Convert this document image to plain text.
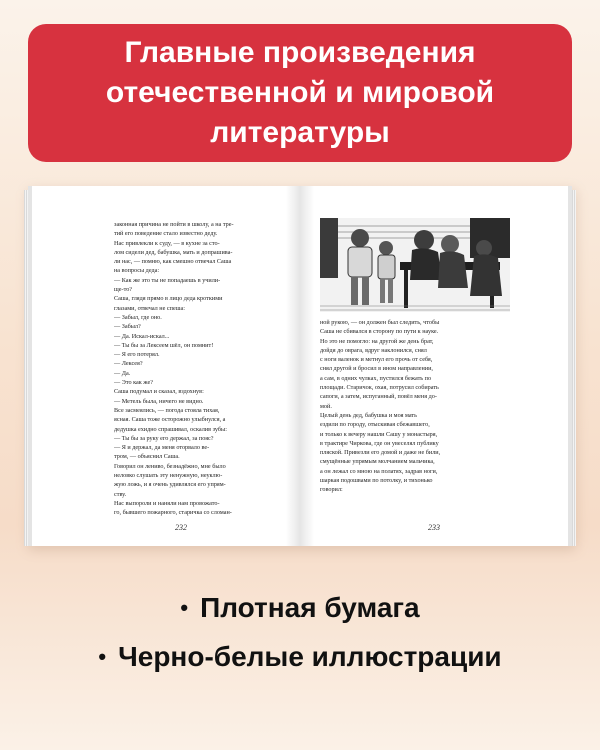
Главные произведения
отечественной и мировой
литературы
законная причина не пойти в школу, а на тре-
тий его поведение стало известно деду.
Нас привлекли к суду, — в кухне за сто-
лом сидели дед, бабушка, мать и допрашива-
ли нас, — помню, как смешно отвечал Саша
на вопросы деда:
— Как же это ты не попадаешь в учили-
ще-то?
Саша, глядя прямо в лицо деда кроткими
глазами, отвечал не спеша:
— Забыл, где оно.
— Забыл?
— Да. Искал-искал...
— Ты бы за Лексеем шёл, он помнит!
— Я его потерял.
— Лексея?
— Да.
— Это как же?
Саша подумал и сказал, вздохнув:
— Метель была, ничего не видно.
Все засмеялись, — погода стояла тихая,
ясная. Саша тоже осторожно улыбнулся, а
дедушка ехидно спрашивал, оскалив зубы:
— Ты бы за руку его держал, за пояс?
— Я и держал, да меня оторвало ве-
тром, — объяснил Саша.
Говорил он лениво, безнадёжно, мне было
неловко слушать эту ненужную, неуклю-
жую ложь, и я очень удивлялся его упрям-
ству.
Нас выпороли и наняли нам провожато-
го, бывшего пожарного, старичка со сломан-
232
ной рукою, — он должен был следить, чтобы
Саша не сбивался в сторону по пути к науке.
Но это не помогло: на другой же день брат,
дойдя до оврага, вдруг наклонился, снял
с ноги валенок и метнул его прочь от себя,
снял другой и бросил в ином направлении,
а сам, в одних чулках, пустился бежать по
площади. Старичок, охая, потрусил собирать
сапоги, а затем, испуганный, повёл меня до-
мой.
Целый день дед, бабушка и моя мать
ездили по городу, отыскивая сбежавшего,
и только к вечеру нашли Сашу у монастыря,
в трактире Чиркова, где он увеселял публику
пляской. Привезли его домой и даже не били,
смущённые упрямым молчанием мальчика,
а он лежал со мною на полатях, задрав ноги,
шаркая подошвами по потолку, и тихонько
говорил:
233
• Плотная бумага
• Черно-белые иллюстрации
